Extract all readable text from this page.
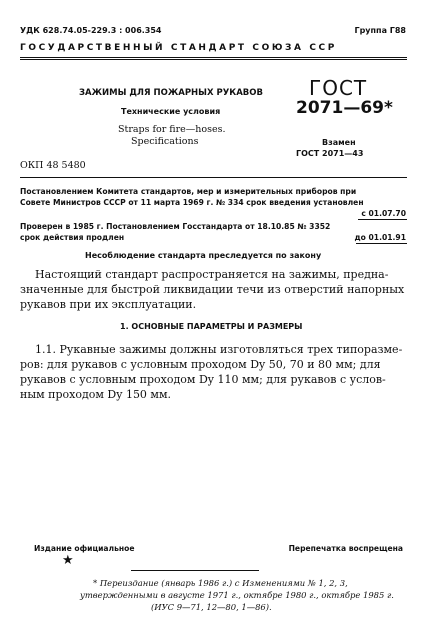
УДК 628.74.05-229.3 : 006.354	Группа Г88
ГОСУДАРСТВЕННЫЙ СТАНДАРТ СОЮЗА ССР
ЗАЖИМЫ ДЛЯ ПОЖАРНЫХ РУКАВОВ
Технические условия
Straps for fire—hoses.
Specifications
ГОСТ
2071—69*
Взамен
ГОСТ 2071—43
ОКП 48 5480
Постановлением Комитета стандартов, мер и измерительных приборов при
Совете Министров СССР от 11 марта 1969 г. № 334 срок введения установлен
с 01.07.70
Проверен в 1985 г. Постановлением Госстандарта от 18.10.85 № 3352
срок действия продлен	до 01.01.91
Несоблюдение стандарта преследуется по закону
Настоящий стандарт распространяется на зажимы, предна-
значенные для быстрой ликвидации течи из отверстий напорных
рукавов при их эксплуатации.
1. ОСНОВНЫЕ ПАРАМЕТРЫ И РАЗМЕРЫ
1.1. Рукавные зажимы должны изготовляться трех типоразме-
ров: для рукавов с условным проходом Dy 50, 70 и 80 мм; для
рукавов с условным проходом Dy 110 мм; для рукавов с услов-
ным проходом Dy 150 мм.
Издание официальное	Перепечатка воспрещена
★
* Переиздание (январь 1986 г.) с Изменениями № 1, 2, 3,
утвержденными в августе 1971 г., октябре 1980 г., октябре 1985 г.
(ИУС 9—71, 12—80, 1—86).
